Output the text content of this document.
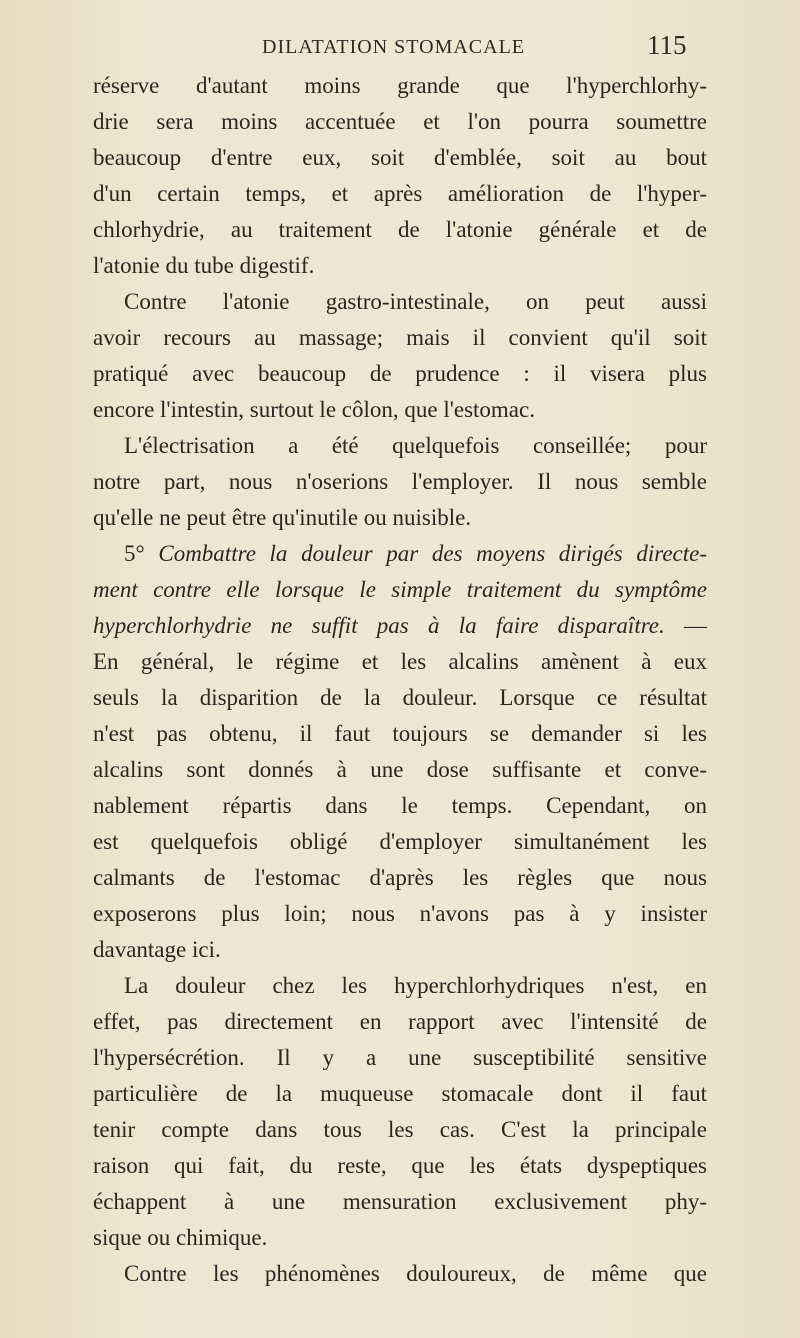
DILATATION STOMACALE	115
réserve d'autant moins grande que l'hyperchlorhy-
drie sera moins accentuée et l'on pourra soumettre
beaucoup d'entre eux, soit d'emblée, soit au bout
d'un certain temps, et après amélioration de l'hyper-
chlorhydrie, au traitement de l'atonie générale et de
l'atonie du tube digestif.
Contre l'atonie gastro-intestinale, on peut aussi
avoir recours au massage; mais il convient qu'il soit
pratiqué avec beaucoup de prudence : il visera plus
encore l'intestin, surtout le côlon, que l'estomac.
L'électrisation a été quelquefois conseillée; pour
notre part, nous n'oserions l'employer. Il nous semble
qu'elle ne peut être qu'inutile ou nuisible.
5° Combattre la douleur par des moyens dirigés directe-
ment contre elle lorsque le simple traitement du symptôme
hyperchlorhydrie ne suffit pas à la faire disparaître. —
En général, le régime et les alcalins amènent à eux
seuls la disparition de la douleur. Lorsque ce résultat
n'est pas obtenu, il faut toujours se demander si les
alcalins sont donnés à une dose suffisante et conve-
nablement répartis dans le temps. Cependant, on
est quelquefois obligé d'employer simultanément les
calmants de l'estomac d'après les règles que nous
exposerons plus loin; nous n'avons pas à y insister
davantage ici.
La douleur chez les hyperchlorhydriques n'est, en
effet, pas directement en rapport avec l'intensité de
l'hypersécrétion. Il y a une susceptibilité sensitive
particulière de la muqueuse stomacale dont il faut
tenir compte dans tous les cas. C'est la principale
raison qui fait, du reste, que les états dyspeptiques
échappent à une mensuration exclusivement phy-
sique ou chimique.
Contre les phénomènes douloureux, de même que
